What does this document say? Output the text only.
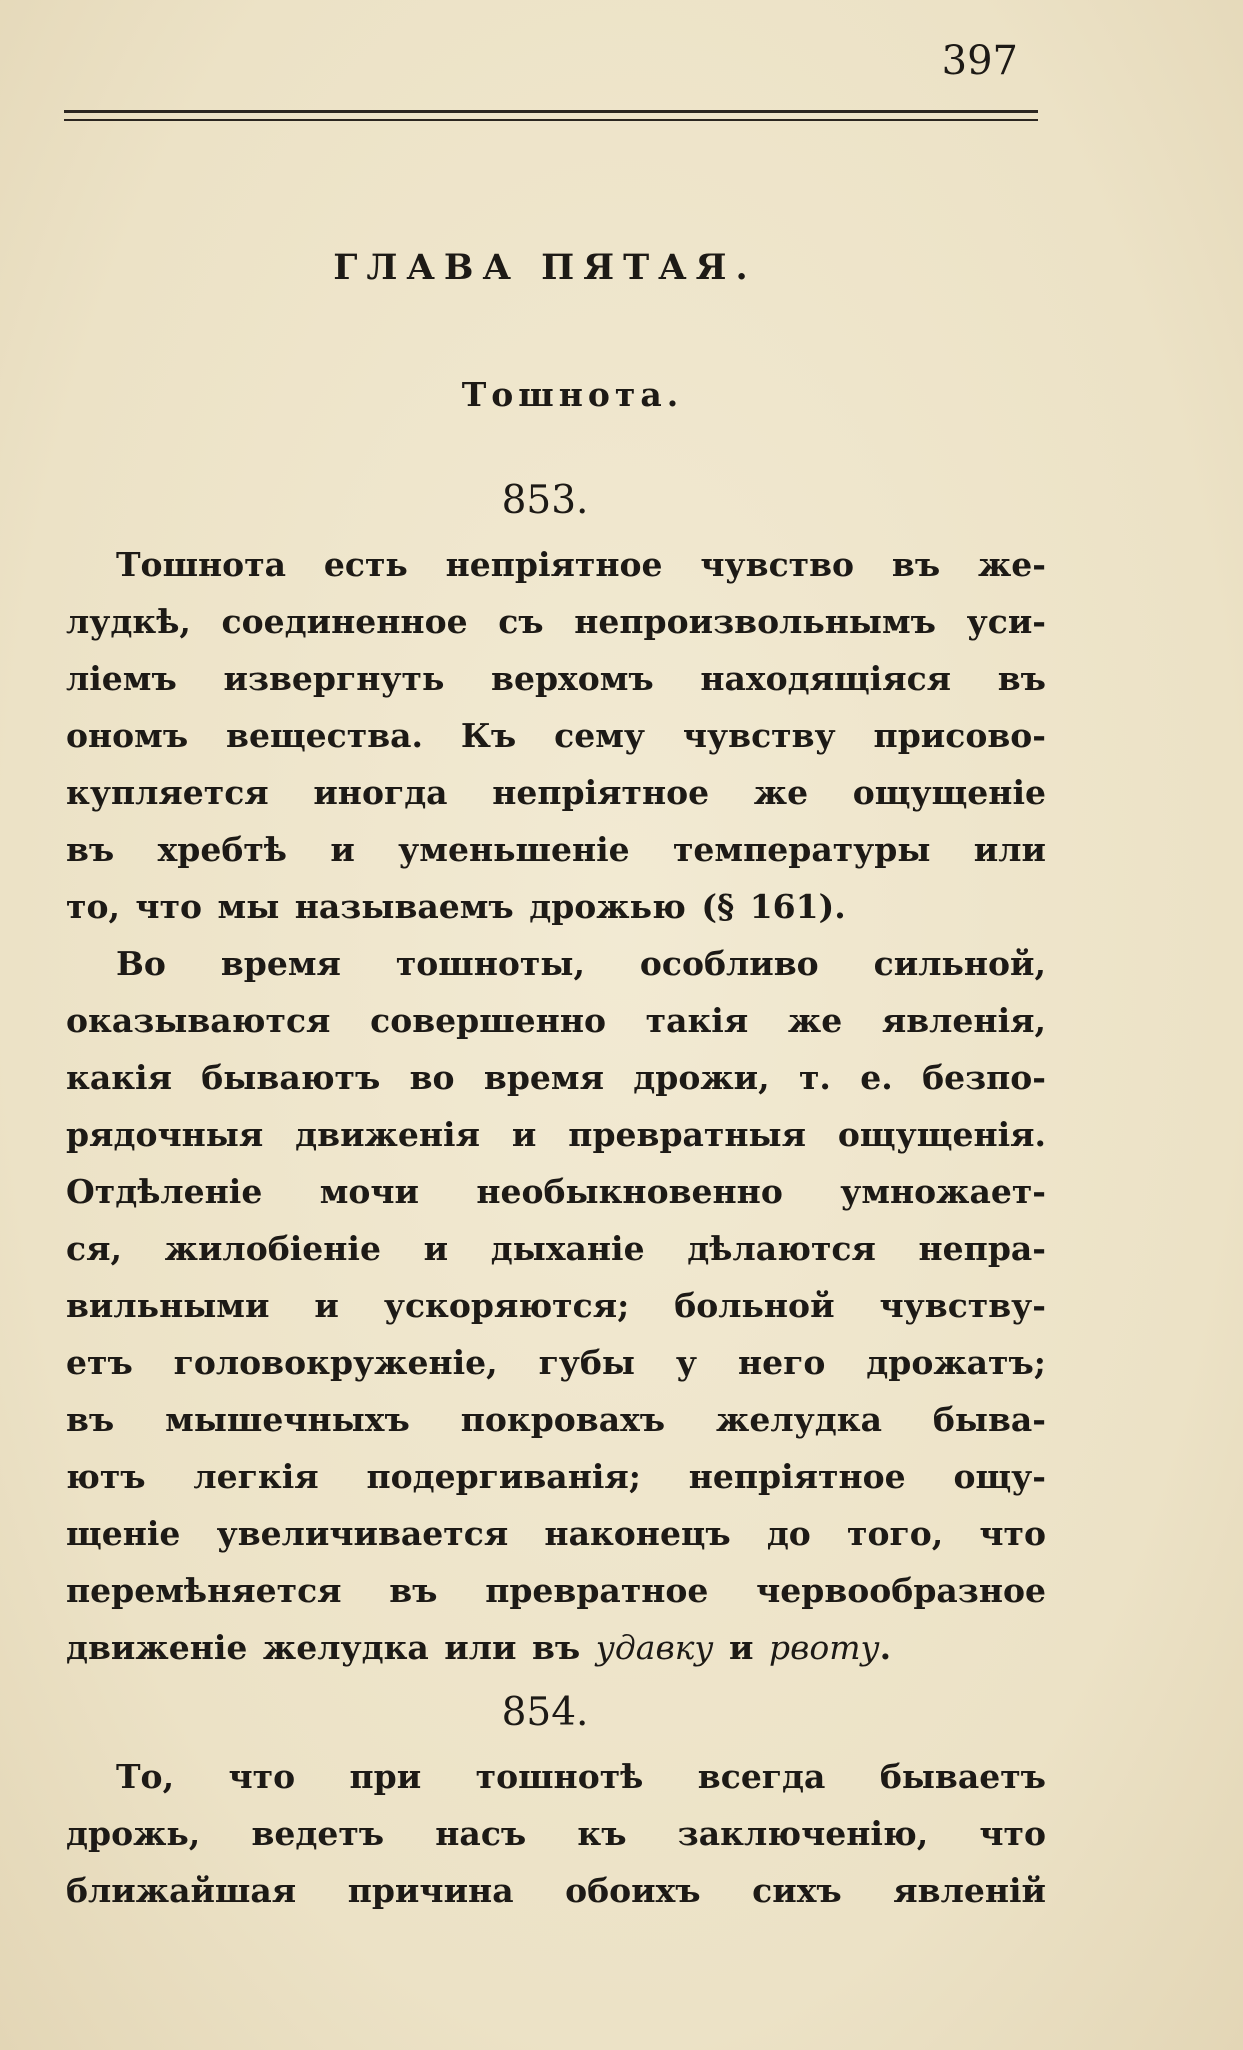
397
ГЛАВА ПЯТАЯ.
Тошнота.
853.
Тошнота есть непріятное чувство въ же-
лудкѣ, соединенное съ непроизвольнымъ уси-
ліемъ извергнуть верхомъ находящіяся въ
ономъ вещества. Къ сему чувству присово-
купляется иногда непріятное же ощущеніе
въ хребтѣ и уменьшеніе температуры или
то, что мы называемъ дрожью (§ 161).
Во время тошноты, особливо сильной,
оказываются совершенно такія же явленія,
какія бываютъ во время дрожи, т. е. безпо-
рядочныя движенія и превратныя ощущенія.
Отдѣленіе мочи необыкновенно умножает-
ся, жилобіеніе и дыханіе дѣлаются непра-
вильными и ускоряются; больной чувству-
етъ головокруженіе, губы у него дрожатъ;
въ мышечныхъ покровахъ желудка быва-
ютъ легкія подергиванія; непріятное ощу-
щеніе увеличивается наконецъ до того, что
перемѣняется въ превратное червообразное
движеніе желудка или въ удавку и рвоту.
854.
То, что при тошнотѣ всегда бываетъ
дрожь, ведетъ насъ къ заключенію, что
ближайшая причина обоихъ сихъ явленій
